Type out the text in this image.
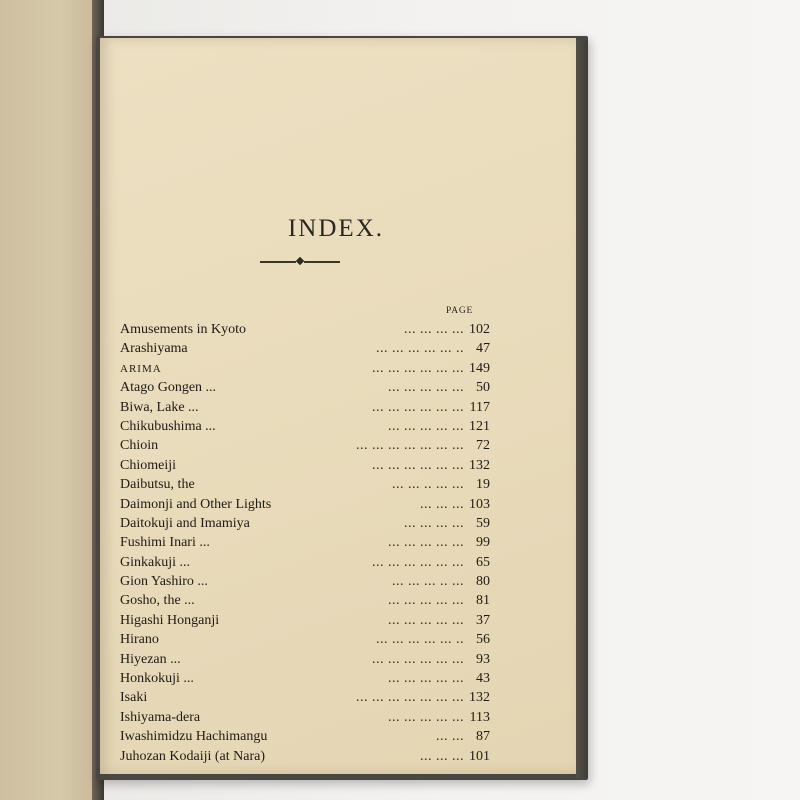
INDEX.
PAGE
Amusements in Kyoto	... ... ... ... 102
Arashiyama	... ... ... ... ... .. 47
ARIMA	... ... ... ... ... ... 149
Atago Gongen ...	... ... ... ... ... 50
Biwa, Lake ...	... ... ... ... ... ... 117
Chikubushima ...	... ... ... ... ... 121
Chioin	... ... ... ... ... ... ... 72
Chiomeiji	... ... ... ... ... ... 132
Daibutsu, the	... ... .. ... ... 19
Daimonji and Other Lights	... ... ... 103
Daitokuji and Imamiya	... ... ... ... 59
Fushimi Inari ...	... ... ... ... ... 99
Ginkakuji ...	... ... ... ... ... ... 65
Gion Yashiro ...	... ... ... .. ... 80
Gosho, the ...	... ... ... ... ... 81
Higashi Honganji	... ... ... ... ... 37
Hirano	... ... ... ... ... .. 56
Hiyezan ...	... ... ... ... ... ... 93
Honkokuji ...	... ... ... ... ... 43
Isaki	... ... ... ... ... ... ... 132
Ishiyama-dera	... ... ... ... ... 113
Iwashimidzu Hachimangu	... ... 87
Juhozan Kodaiji (at Nara)	... ... ... 101
